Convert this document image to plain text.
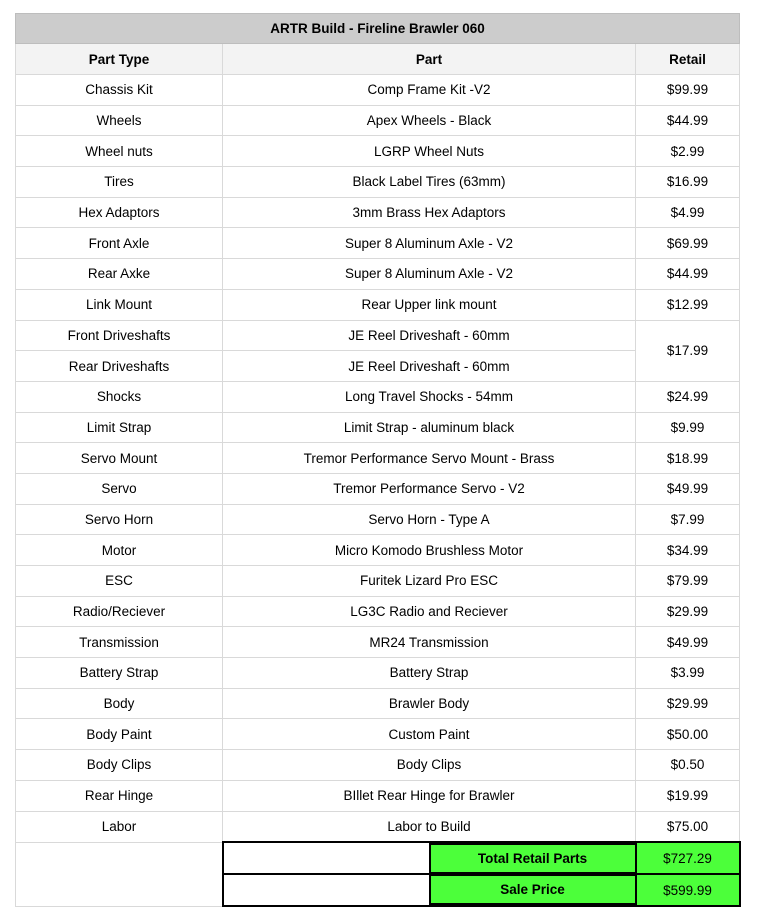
ARTR Build - Fireline Brawler 060		
Part Type	Part	Retail
Chassis Kit	Comp Frame Kit -V2	$99.99
Wheels	Apex Wheels - Black	$44.99
Wheel nuts	LGRP Wheel Nuts	$2.99
Tires	Black Label Tires (63mm)	$16.99
Hex Adaptors	3mm Brass Hex Adaptors	$4.99
Front Axle	Super 8 Aluminum Axle - V2	$69.99
Rear Axke	Super 8 Aluminum Axle - V2	$44.99
Link Mount	Rear Upper link mount	$12.99
Front Driveshafts	JE Reel Driveshaft - 60mm	$17.99
Rear Driveshafts	JE Reel Driveshaft - 60mm	
Shocks	Long Travel Shocks - 54mm	$24.99
Limit Strap	Limit Strap - aluminum black	$9.99
Servo Mount	Tremor Performance Servo Mount - Brass	$18.99
Servo	Tremor Performance Servo - V2	$49.99
Servo Horn	Servo Horn - Type A	$7.99
Motor	Micro Komodo Brushless Motor	$34.99
ESC	Furitek Lizard Pro ESC	$79.99
Radio/Reciever	LG3C Radio and Reciever	$29.99
Transmission	MR24 Transmission	$49.99
Battery Strap	Battery Strap	$3.99
Body	Brawler Body	$29.99
Body Paint	Custom Paint	$50.00
Body Clips	Body Clips	$0.50
Rear Hinge	BIllet Rear Hinge for Brawler	$19.99
Labor	Labor to Build	$75.00

	Total Retail Parts	$727.29

	Sale Price	$599.99
